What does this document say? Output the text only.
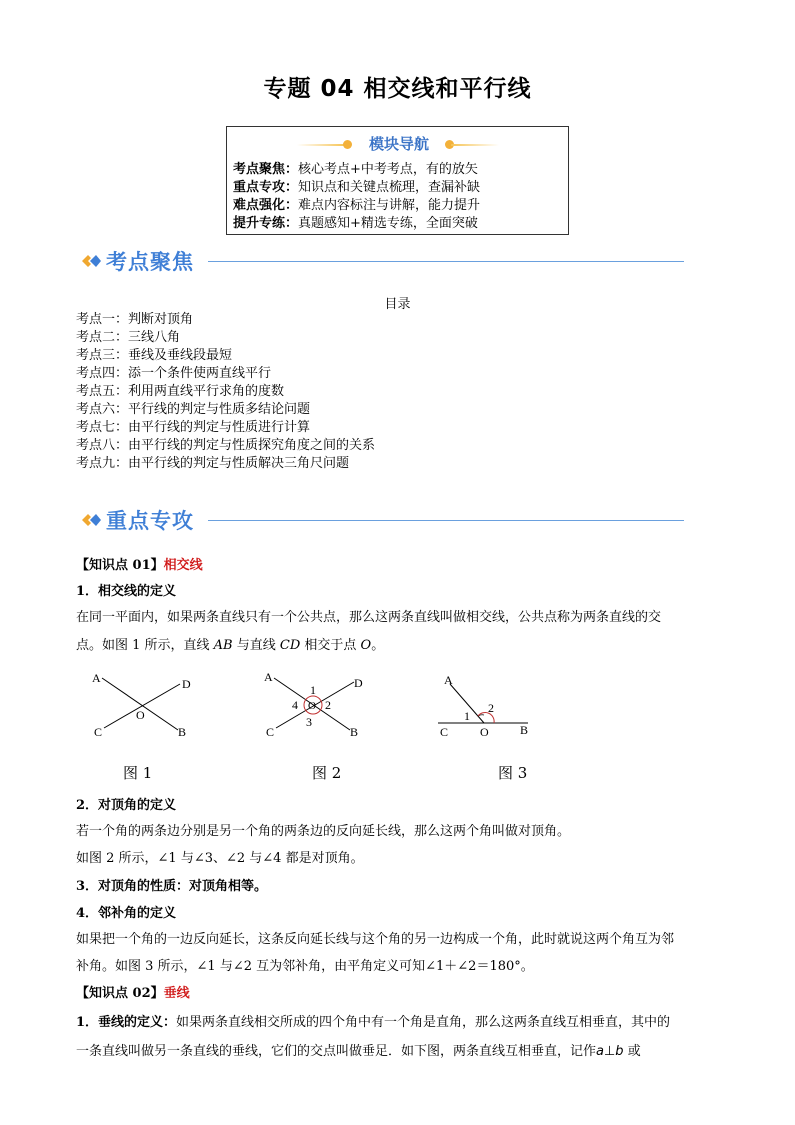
专题 04 相交线和平行线
模块导航
考点聚焦：核心考点+中考考点，有的放矢
重点专攻：知识点和关键点梳理，查漏补缺
难点强化：难点内容标注与讲解，能力提升
提升专练：真题感知+精选专练，全面突破
考点聚焦
目录
考点一：判断对顶角
考点二：三线八角
考点三：垂线及垂线段最短
考点四：添一个条件使两直线平行
考点五：利用两直线平行求角的度数
考点六：平行线的判定与性质多结论问题
考点七：由平行线的判定与性质进行计算
考点八：由平行线的判定与性质探究角度之间的关系
考点九：由平行线的判定与性质解决三角尺问题
重点专攻
【知识点 01】相交线
1．相交线的定义
在同一平面内，如果两条直线只有一个公共点，那么这两条直线叫做相交线，公共点称为两条直线的交
点。如图 1 所示，直线 AB 与直线 CD 相交于点 O。
A	D
O
C	B
图 1
A	D
O
C	B
1
2
3
4
图 2
A
1
2
C	O	B
图 3
2．对顶角的定义
若一个角的两条边分别是另一个角的两条边的反向延长线，那么这两个角叫做对顶角。
如图 2 所示，∠1 与∠3、∠2 与∠4 都是对顶角。
3．对顶角的性质：对顶角相等。
4．邻补角的定义
如果把一个角的一边反向延长，这条反向延长线与这个角的另一边构成一个角，此时就说这两个角互为邻
补角。如图 3 所示，∠1 与∠2 互为邻补角，由平角定义可知∠1＋∠2＝180°。
【知识点 02】垂线
1．垂线的定义：如果两条直线相交所成的四个角中有一个角是直角，那么这两条直线互相垂直，其中的
一条直线叫做另一条直线的垂线，它们的交点叫做垂足．如下图，两条直线互相垂直，记作a⊥b 或
